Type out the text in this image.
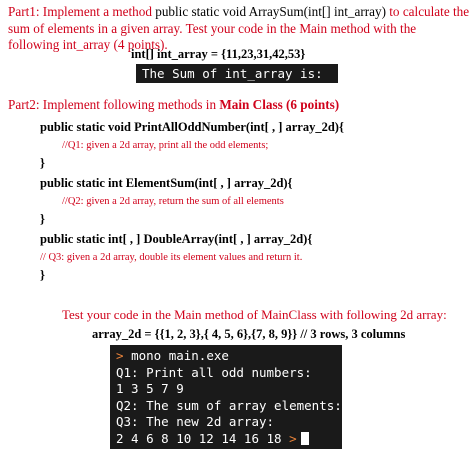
Part1: Implement a method public static void ArraySum(int[] int_array) to calculate the sum of elements in a given array. Test your code in the Main method with the following int_array (4 points).
int[] int_array = {11,23,31,42,53}
The Sum of int_array is: 160
Part2: Implement following methods in Main Class (6 points)
public static void PrintAllOddNumber(int[ , ] array_2d){
//Q1: given a 2d array, print all the odd elements;
}
public static int ElementSum(int[ , ] array_2d){
//Q2: given a 2d array, return the sum of all elements
}
public static int[ , ] DoubleArray(int[ , ] array_2d){
// Q3: given a 2d array, double its element values and return it.
}
Test your code in the Main method of MainClass with following 2d array:
array_2d = {{1, 2, 3},{ 4, 5, 6},{7, 8, 9}} // 3 rows, 3 columns
> mono main.exe
Q1: Print all odd numbers:
1 3 5 7 9
Q2: The sum of array elements: 45
Q3: The new 2d array:
2 4 6 8 10 12 14 16 18 >
